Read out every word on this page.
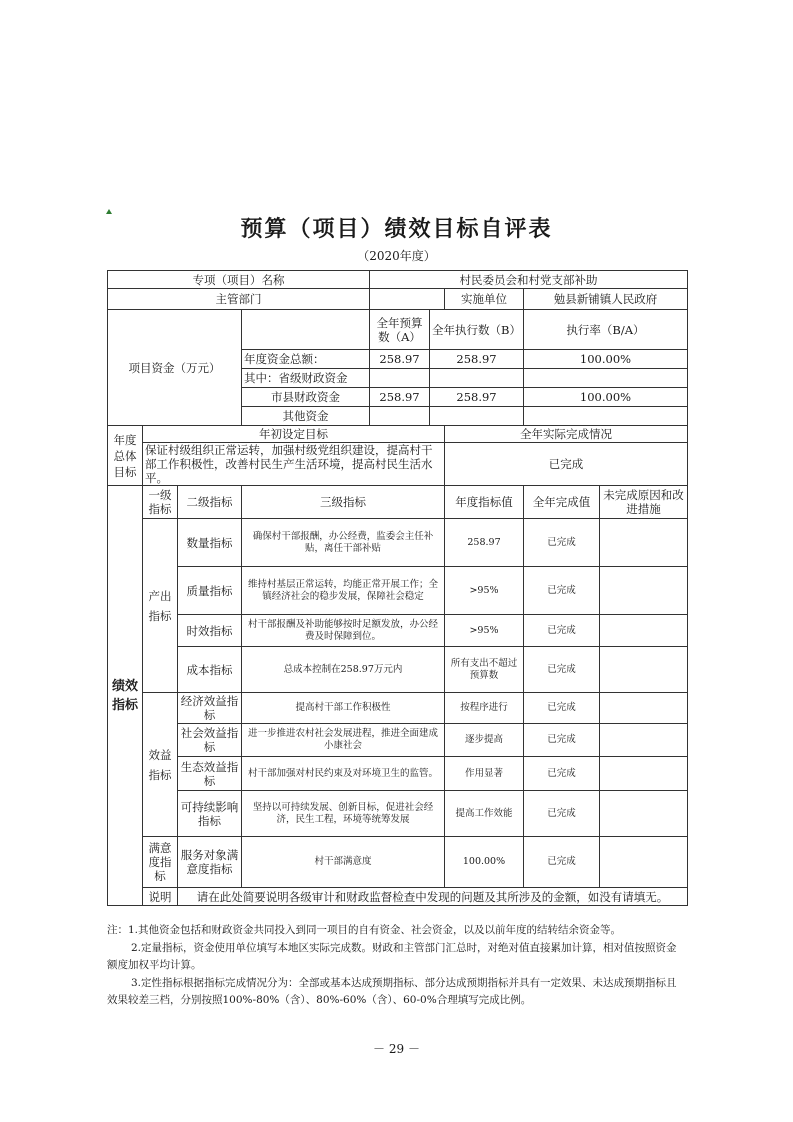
预算（项目）绩效目标自评表
（2020年度）
专项（项目）名称				村民委员会和村党支部补助				
主管部门						实施单位	勉县新铺镇人民政府	
项目资金（万元）				全年预算数（A）	全年执行数（B）		执行率（B/A）	
			年度资金总额：	258.97	258.97		100.00%	
			其中：省级财政资金					
			市县财政资金	258.97	258.97		100.00%	
			其他资金					
年度总体目标	年初设定目标					全年实际完成情况		
	保证村级组织正常运转，加强村级党组织建设，提高村干部工作积极性，改善村民生产生活环境，提高村民生活水平。					已完成		
绩效指标	一级指标	二级指标	三级指标			年度指标值	全年完成值	未完成原因和改进措施
	产出指标	数量指标	确保村干部报酬，办公经费，监委会主任补贴，离任干部补贴			258.97	已完成	
		质量指标	维持村基层正常运转，均能正常开展工作；全镇经济社会的稳步发展，保障社会稳定			>95%	已完成	
		时效指标	村干部报酬及补助能够按时足额发放，办公经费及时保障到位。			>95%	已完成	
		成本指标	总成本控制在258.97万元内			所有支出不超过预算数	已完成	
	效益指标	经济效益指标	提高村干部工作积极性			按程序进行	已完成	
		社会效益指标	进一步推进农村社会发展进程，推进全面建成小康社会			逐步提高	已完成	
		生态效益指标	村干部加强对村民约束及对环境卫生的监管。			作用显著	已完成	
		可持续影响指标	坚持以可持续发展、创新目标，促进社会经济，民生工程，环境等统筹发展			提高工作效能	已完成	
	满意度指标	服务对象满意度指标	村干部满意度			100.00%	已完成	
	说明	请在此处简要说明各级审计和财政监督检查中发现的问题及其所涉及的金额，如没有请填无。						
注：1.其他资金包括和财政资金共同投入到同一项目的自有资金、社会资金，以及以前年度的结转结余资金等。
2.定量指标，资金使用单位填写本地区实际完成数。财政和主管部门汇总时，对绝对值直接累加计算，相对值按照资金额度加权平均计算。
3.定性指标根据指标完成情况分为：全部或基本达成预期指标、部分达成预期指标并具有一定效果、未达成预期指标且效果较差三档，分别按照100%-80%（含）、80%-60%（含）、60-0%合理填写完成比例。
－ 29 －
